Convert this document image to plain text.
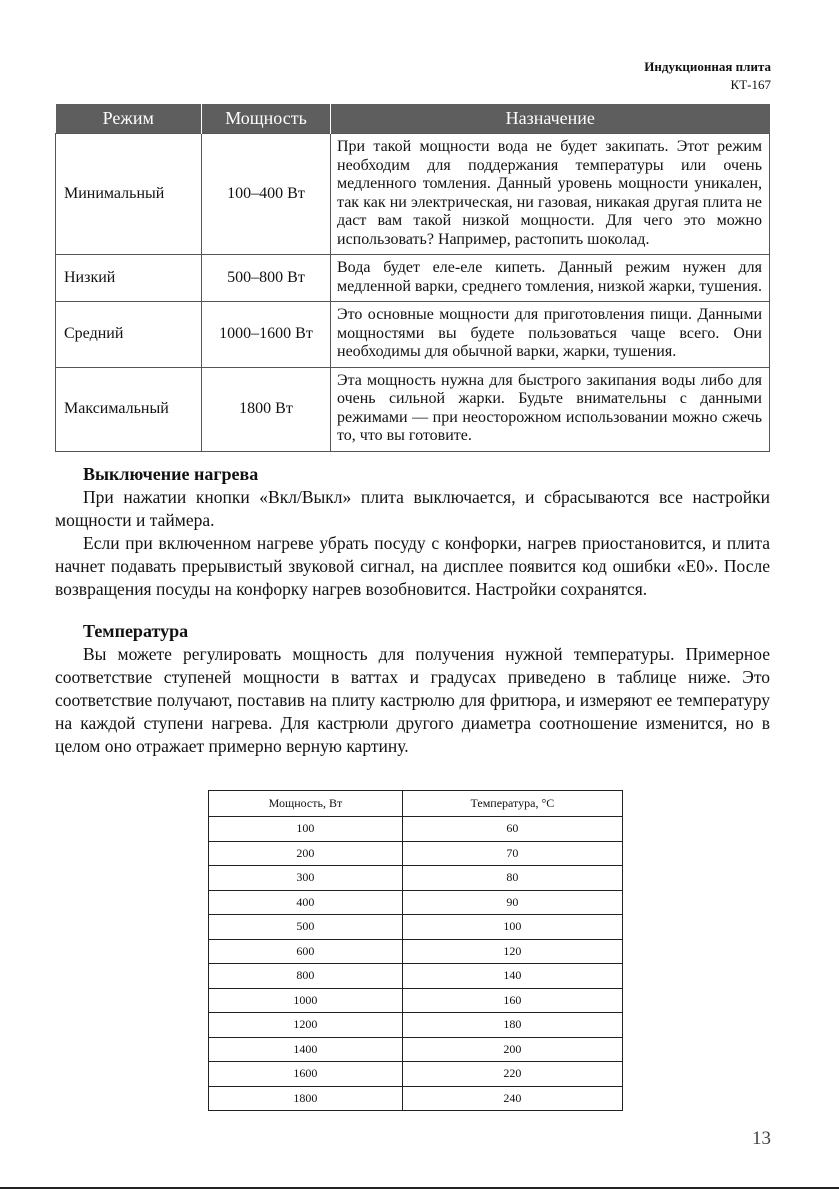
Индукционная плита
КТ-167
Режим	Мощность	Назначение
Минимальный	100–400 Вт	При такой мощности вода не будет закипать. Этот режим необходим для поддержания температуры или очень медленного томления. Данный уровень мощности уникален, так как ни электрическая, ни газовая, никакая другая плита не даст вам такой низкой мощности. Для чего это можно использовать? Например, растопить шоколад.
Низкий	500–800 Вт	Вода будет еле-еле кипеть. Данный режим нужен для медленной варки, среднего томления, низкой жарки, тушения.
Средний	1000–1600 Вт	Это основные мощности для приготовления пищи. Данными мощностями вы будете пользоваться чаще всего. Они необходимы для обычной варки, жарки, тушения.
Максимальный	1800 Вт	Эта мощность нужна для быстрого закипания воды либо для очень сильной жарки. Будьте внимательны с данными режимами — при неосторожном использовании можно сжечь то, что вы готовите.
Выключение нагрева

При нажатии кнопки «Вкл/Выкл» плита выключается, и сбрасываются все настройки мощности и таймера.

Если при включенном нагреве убрать посуду с конфорки, нагрев приостановится, и плита начнет подавать прерывистый звуковой сигнал, на дисплее появится код ошибки «E0». После возвращения посуды на конфорку нагрев возобновится. Настройки сохранятся.

Температура

Вы можете регулировать мощность для получения нужной температуры. Примерное соответствие ступеней мощности в ваттах и градусах приведено в таблице ниже. Это соответствие получают, поставив на плиту кастрюлю для фритюра, и измеряют ее температуру на каждой ступени нагрева. Для кастрюли другого диаметра соотношение изменится, но в целом оно отражает примерно верную картину.

Мощность, Вт	Температура, °C
100	60
200	70
300	80
400	90
500	100
600	120
800	140
1000	160
1200	180
1400	200
1600	220
1800	240
13
